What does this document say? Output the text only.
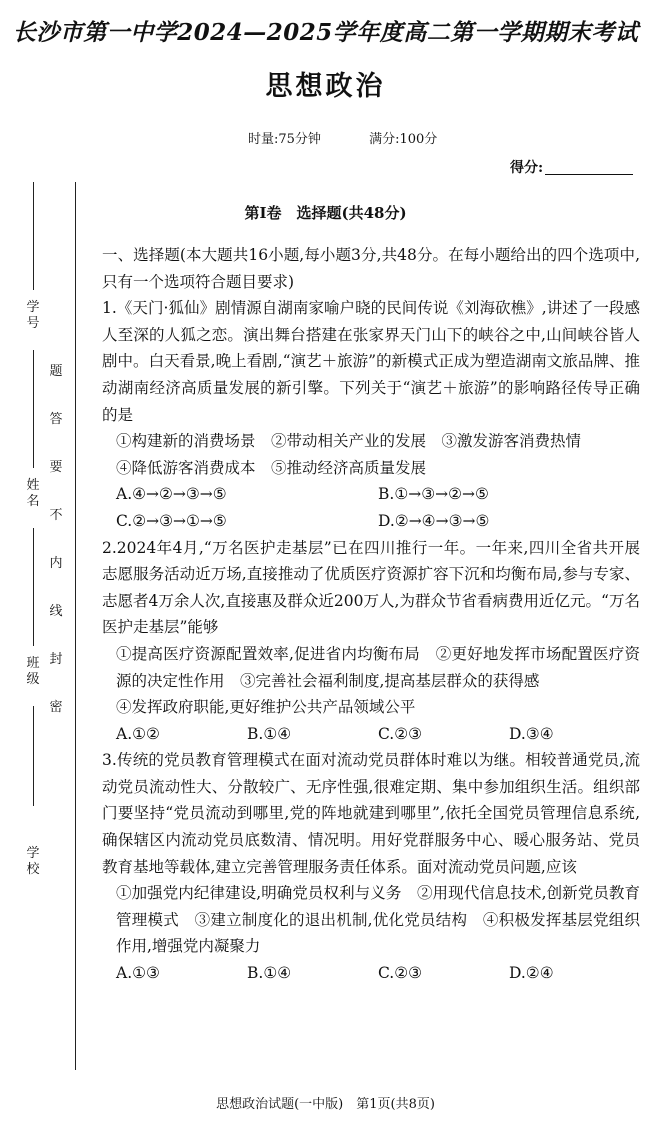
长沙市第一中学2024—2025学年度高二第一学期期末考试
思想政治
时量:75分钟	满分:100分
得分:
学号
姓名
班级
学校
题
答
要
不
内
线
封
密
第Ⅰ卷　选择题(共48分)

一、选择题(本大题共16小题,每小题3分,共48分。在每小题给出的四个选项中,只有一个选项符合题目要求)

1.《天门·狐仙》剧情源自湖南家喻户晓的民间传说《刘海砍樵》,讲述了一段感人至深的人狐之恋。演出舞台搭建在张家界天门山下的峡谷之中,山间峡谷皆人剧中。白天看景,晚上看剧,“演艺＋旅游”的新模式正成为塑造湖南文旅品牌、推动湖南经济高质量发展的新引擎。下列关于“演艺＋旅游”的影响路径传导正确的是

①构建新的消费场景　②带动相关产业的发展　③激发游客消费热情

④降低游客消费成本　⑤推动经济高质量发展

A.④→②→③→⑤	B.①→③→②→⑤
C.②→③→①→⑤	D.②→④→③→⑤

2.2024年4月,“万名医护走基层”已在四川推行一年。一年来,四川全省共开展志愿服务活动近万场,直接推动了优质医疗资源扩容下沉和均衡布局,参与专家、志愿者4万余人次,直接惠及群众近200万人,为群众节省看病费用近亿元。“万名医护走基层”能够

①提高医疗资源配置效率,促进省内均衡布局　②更好地发挥市场配置医疗资源的决定性作用　③完善社会福利制度,提高基层群众的获得感

④发挥政府职能,更好维护公共产品领域公平

A.①②	B.①④	C.②③	D.③④

3.传统的党员教育管理模式在面对流动党员群体时难以为继。相较普通党员,流动党员流动性大、分散较广、无序性强,很难定期、集中参加组织生活。组织部门要坚持“党员流动到哪里,党的阵地就建到哪里”,依托全国党员管理信息系统,确保辖区内流动党员底数清、情况明。用好党群服务中心、暖心服务站、党员教育基地等载体,建立完善管理服务责任体系。面对流动党员问题,应该

①加强党内纪律建设,明确党员权利与义务　②用现代信息技术,创新党员教育管理模式　③建立制度化的退出机制,优化党员结构　④积极发挥基层党组织作用,增强党内凝聚力

A.①③	B.①④	C.②③	D.②④
思想政治试题(一中版)　第1页(共8页)
